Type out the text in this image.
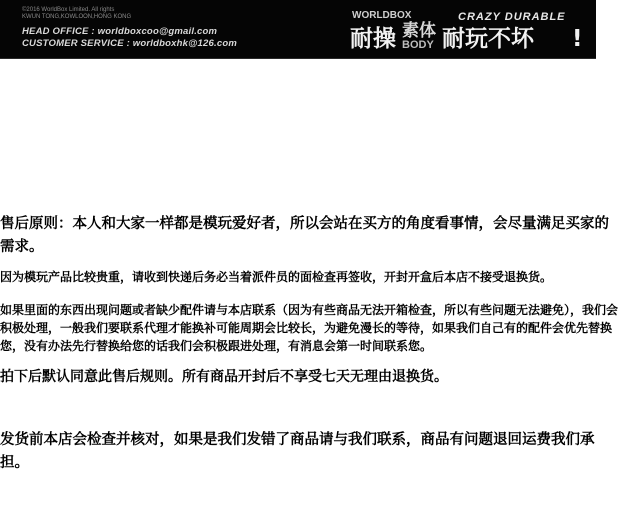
©2016 WorldBox Limited. All rights
KWUN TONG,KOWLOON,HONG KONG
HEAD OFFICE : worldboxcoo@gmail.com
CUSTOMER SERVICE : worldboxhk@126.com
WORLDBOX	CRAZY DURABLE
耐操 素体
BODY 耐玩不坏 !

售后原则：本人和大家一样都是模玩爱好者，所以会站在买方的角度看事情，会尽量满足买家的需求。

因为模玩产品比较贵重，请收到快递后务必当着派件员的面检查再签收，开封开盒后本店不接受退换货。

如果里面的东西出现问题或者缺少配件请与本店联系（因为有些商品无法开箱检查，所以有些问题无法避免），我们会积极处理，一般我们要联系代理才能换补可能周期会比较长，为避免漫长的等待，如果我们自己有的配件会优先替换您，没有办法先行替换给您的话我们会积极跟进处理，有消息会第一时间联系您。

拍下后默认同意此售后规则。所有商品开封后不享受七天无理由退换货。

发货前本店会检查并核对，如果是我们发错了商品请与我们联系，商品有问题退回运费我们承担。
